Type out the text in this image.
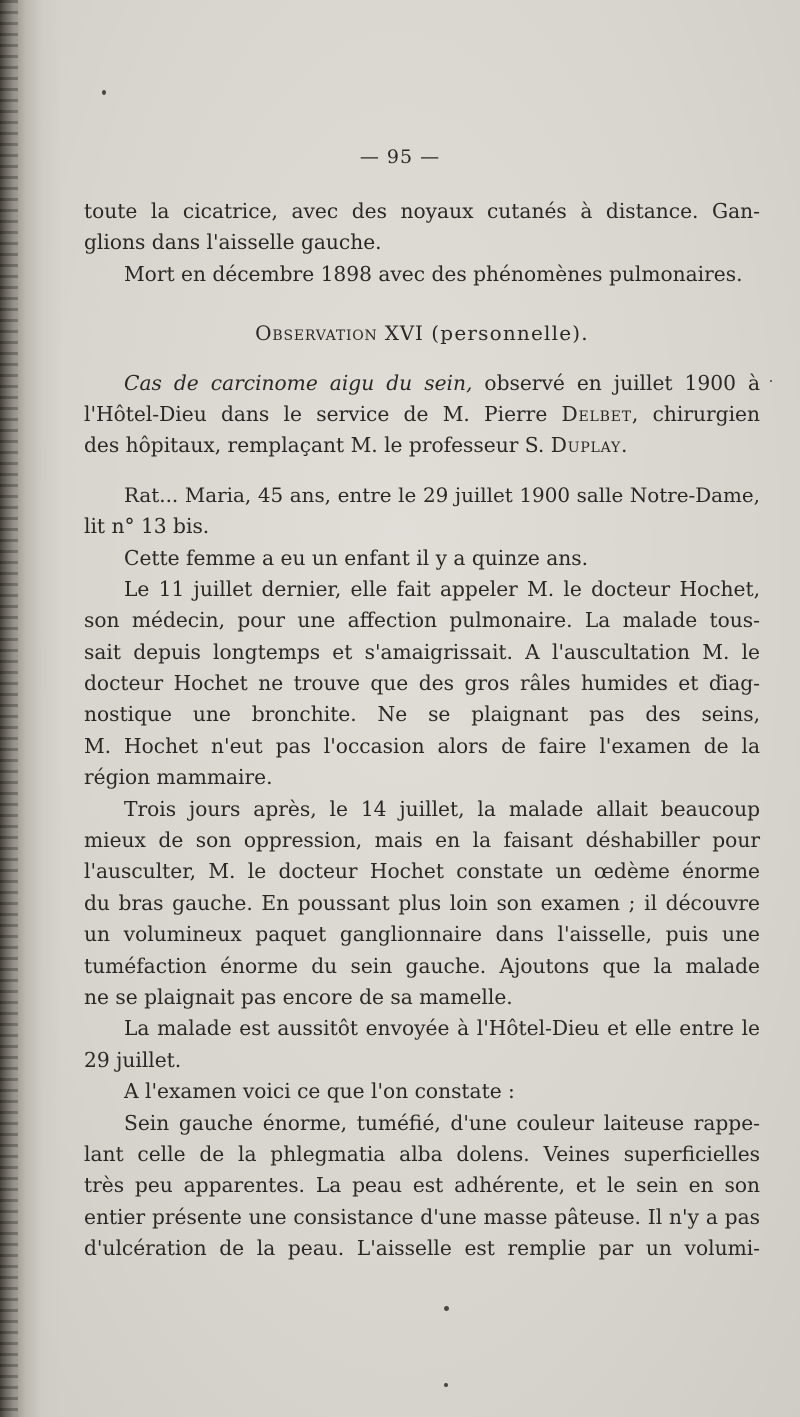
— 95 —
toute la cicatrice, avec des noyaux cutanés à distance. Gan-
glions dans l'aisselle gauche.
Mort en décembre 1898 avec des phénomènes pulmonaires.
Observation XVI (personnelle).
Cas de carcinome aigu du sein, observé en juillet 1900 à
l'Hôtel-Dieu dans le service de M. Pierre Delbet, chirurgien
des hôpitaux, remplaçant M. le professeur S. Duplay.
Rat... Maria, 45 ans, entre le 29 juillet 1900 salle Notre-Dame,
lit n° 13 bis.
Cette femme a eu un enfant il y a quinze ans.
Le 11 juillet dernier, elle fait appeler M. le docteur Hochet,
son médecin, pour une affection pulmonaire. La malade tous-
sait depuis longtemps et s'amaigrissait. A l'auscultation M. le
docteur Hochet ne trouve que des gros râles humides et diag-
nostique une bronchite. Ne se plaignant pas des seins,
M. Hochet n'eut pas l'occasion alors de faire l'examen de la
région mammaire.
Trois jours après, le 14 juillet, la malade allait beaucoup
mieux de son oppression, mais en la faisant déshabiller pour
l'ausculter, M. le docteur Hochet constate un œdème énorme
du bras gauche. En poussant plus loin son examen ; il découvre
un volumineux paquet ganglionnaire dans l'aisselle, puis une
tuméfaction énorme du sein gauche. Ajoutons que la malade
ne se plaignait pas encore de sa mamelle.
La malade est aussitôt envoyée à l'Hôtel-Dieu et elle entre le
29 juillet.
A l'examen voici ce que l'on constate :
Sein gauche énorme, tuméfié, d'une couleur laiteuse rappe-
lant celle de la phlegmatia alba dolens. Veines superficielles
très peu apparentes. La peau est adhérente, et le sein en son
entier présente une consistance d'une masse pâteuse. Il n'y a pas
d'ulcération de la peau. L'aisselle est remplie par un volumi-
